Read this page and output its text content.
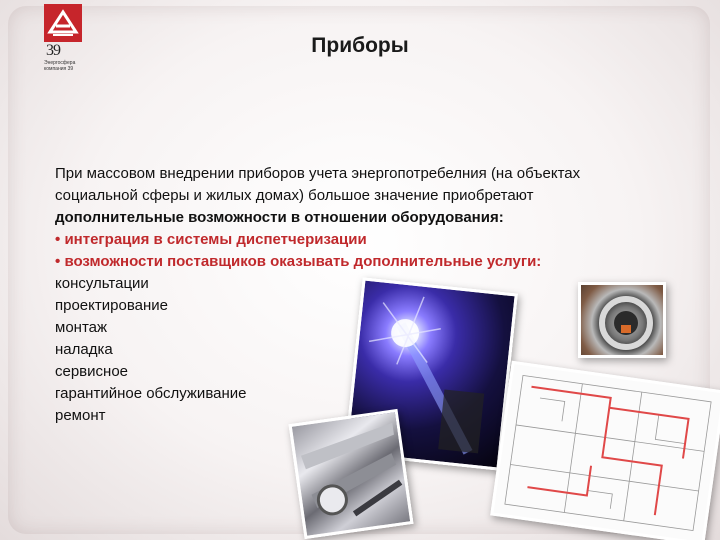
39
Энергосфера
компания 39
Приборы

При массовом внедрении приборов учета энергопотребелния (на объектах

социальной сферы и жилых домах) большое значение приобретают

дополнительные возможности в отношении оборудования:

• интеграция в системы диспетчеризации

• возможности поставщиков оказывать дополнительные услуги:

консультации

проектирование

монтаж

наладка

сервисное

гарантийное обслуживание

ремонт
